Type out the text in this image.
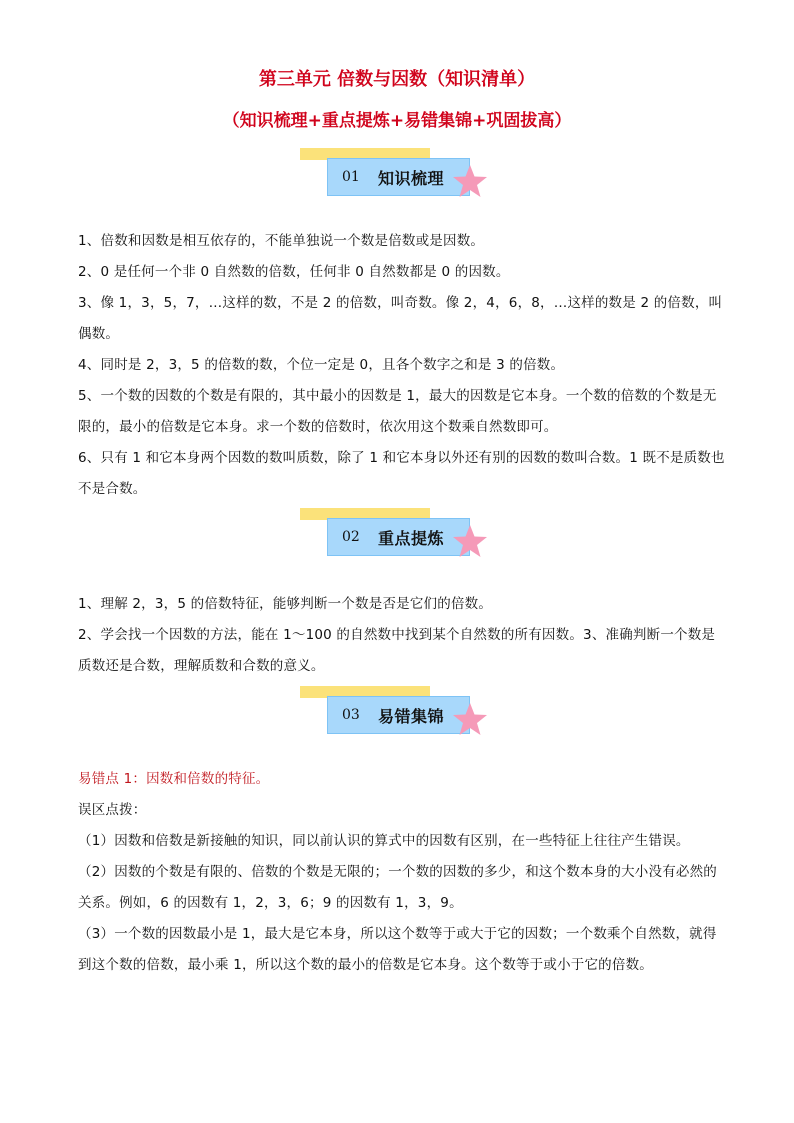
第三单元 倍数与因数（知识清单）
（知识梳理+重点提炼+易错集锦+巩固拔高）
01	知识梳理
1、倍数和因数是相互依存的，不能单独说一个数是倍数或是因数。
2、0 是任何一个非 0 自然数的倍数，任何非 0 自然数都是 0 的因数。
3、像 1，3，5，7，…这样的数，不是 2 的倍数，叫奇数。像 2，4，6，8，…这样的数是 2 的倍数，叫偶数。
4、同时是 2，3，5 的倍数的数，个位一定是 0，且各个数字之和是 3 的倍数。
5、一个数的因数的个数是有限的，其中最小的因数是 1，最大的因数是它本身。一个数的倍数的个数是无限的，最小的倍数是它本身。求一个数的倍数时，依次用这个数乘自然数即可。
6、只有 1 和它本身两个因数的数叫质数，除了 1 和它本身以外还有别的因数的数叫合数。1 既不是质数也不是合数。
02	重点提炼
1、理解 2，3，5 的倍数特征，能够判断一个数是否是它们的倍数。
2、学会找一个因数的方法，能在 1～100 的自然数中找到某个自然数的所有因数。3、准确判断一个数是质数还是合数，理解质数和合数的意义。
03	易错集锦
易错点 1：因数和倍数的特征。
误区点拨：
（1）因数和倍数是新接触的知识，同以前认识的算式中的因数有区别，在一些特征上往往产生错误。
（2）因数的个数是有限的、倍数的个数是无限的；一个数的因数的多少，和这个数本身的大小没有必然的关系。例如，6 的因数有 1，2，3，6；9 的因数有 1，3，9。
（3）一个数的因数最小是 1，最大是它本身，所以这个数等于或大于它的因数；一个数乘个自然数，就得到这个数的倍数，最小乘 1，所以这个数的最小的倍数是它本身。这个数等于或小于它的倍数。
